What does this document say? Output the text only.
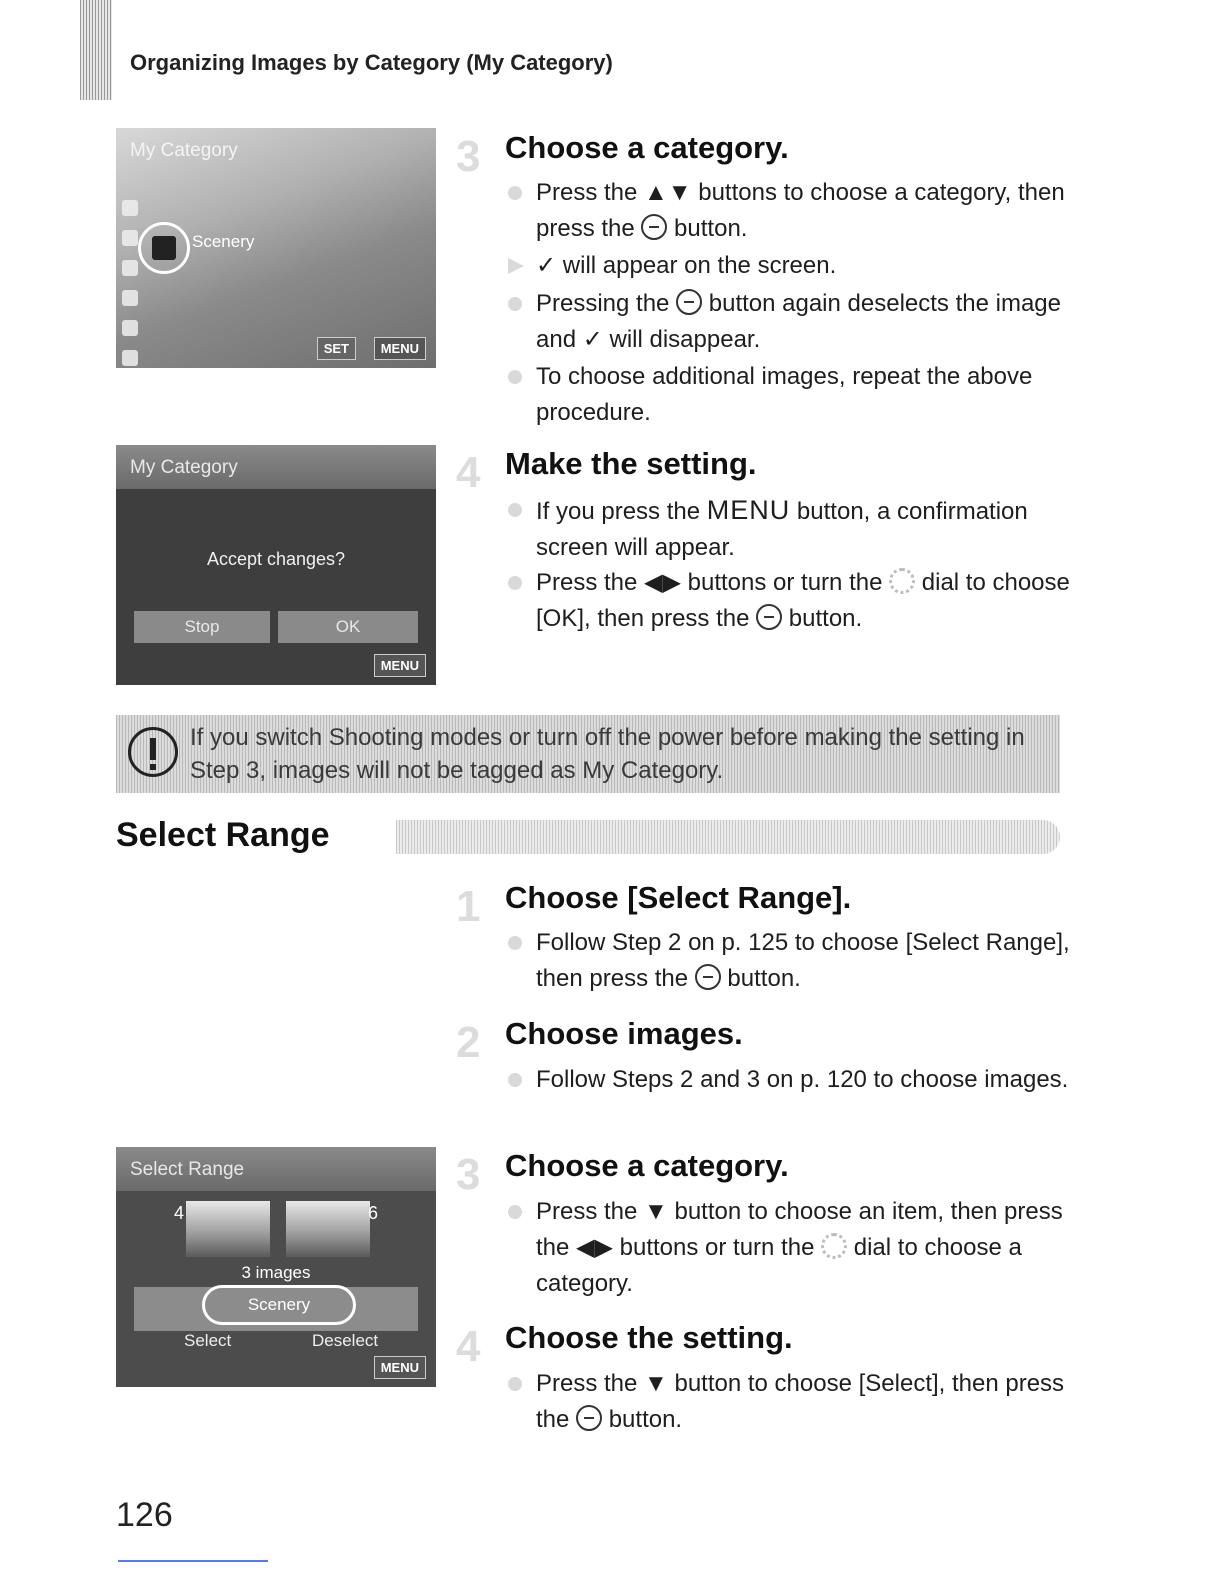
Organizing Images by Category (My Category)
My Category
Scenery
SET	MENU
3 Choose a category.
Press the ▲▼ buttons to choose a category, then press the  button.
✓ will appear on the screen.
Pressing the  button again deselects the image and ✓ will disappear.
To choose additional images, repeat the above procedure.
My Category
Accept changes?
Stop	OK
MENU
4 Make the setting.
If you press the MENU button, a confirmation screen will appear.
Press the ◀▶ buttons or turn the  dial to choose [OK], then press the  button.
If you switch Shooting modes or turn off the power before making the setting in Step 3, images will not be tagged as My Category.
Select Range
1 Choose [Select Range].
Follow Step 2 on p. 125 to choose [Select Range], then press the  button.
2 Choose images.
Follow Steps 2 and 3 on p. 120 to choose images.
Select Range
4	6
3 images
Scenery
Select	Deselect
MENU
3 Choose a category.
Press the ▼ button to choose an item, then press the ◀▶ buttons or turn the  dial to choose a category.
4 Choose the setting.
Press the ▼ button to choose [Select], then press the  button.
126
